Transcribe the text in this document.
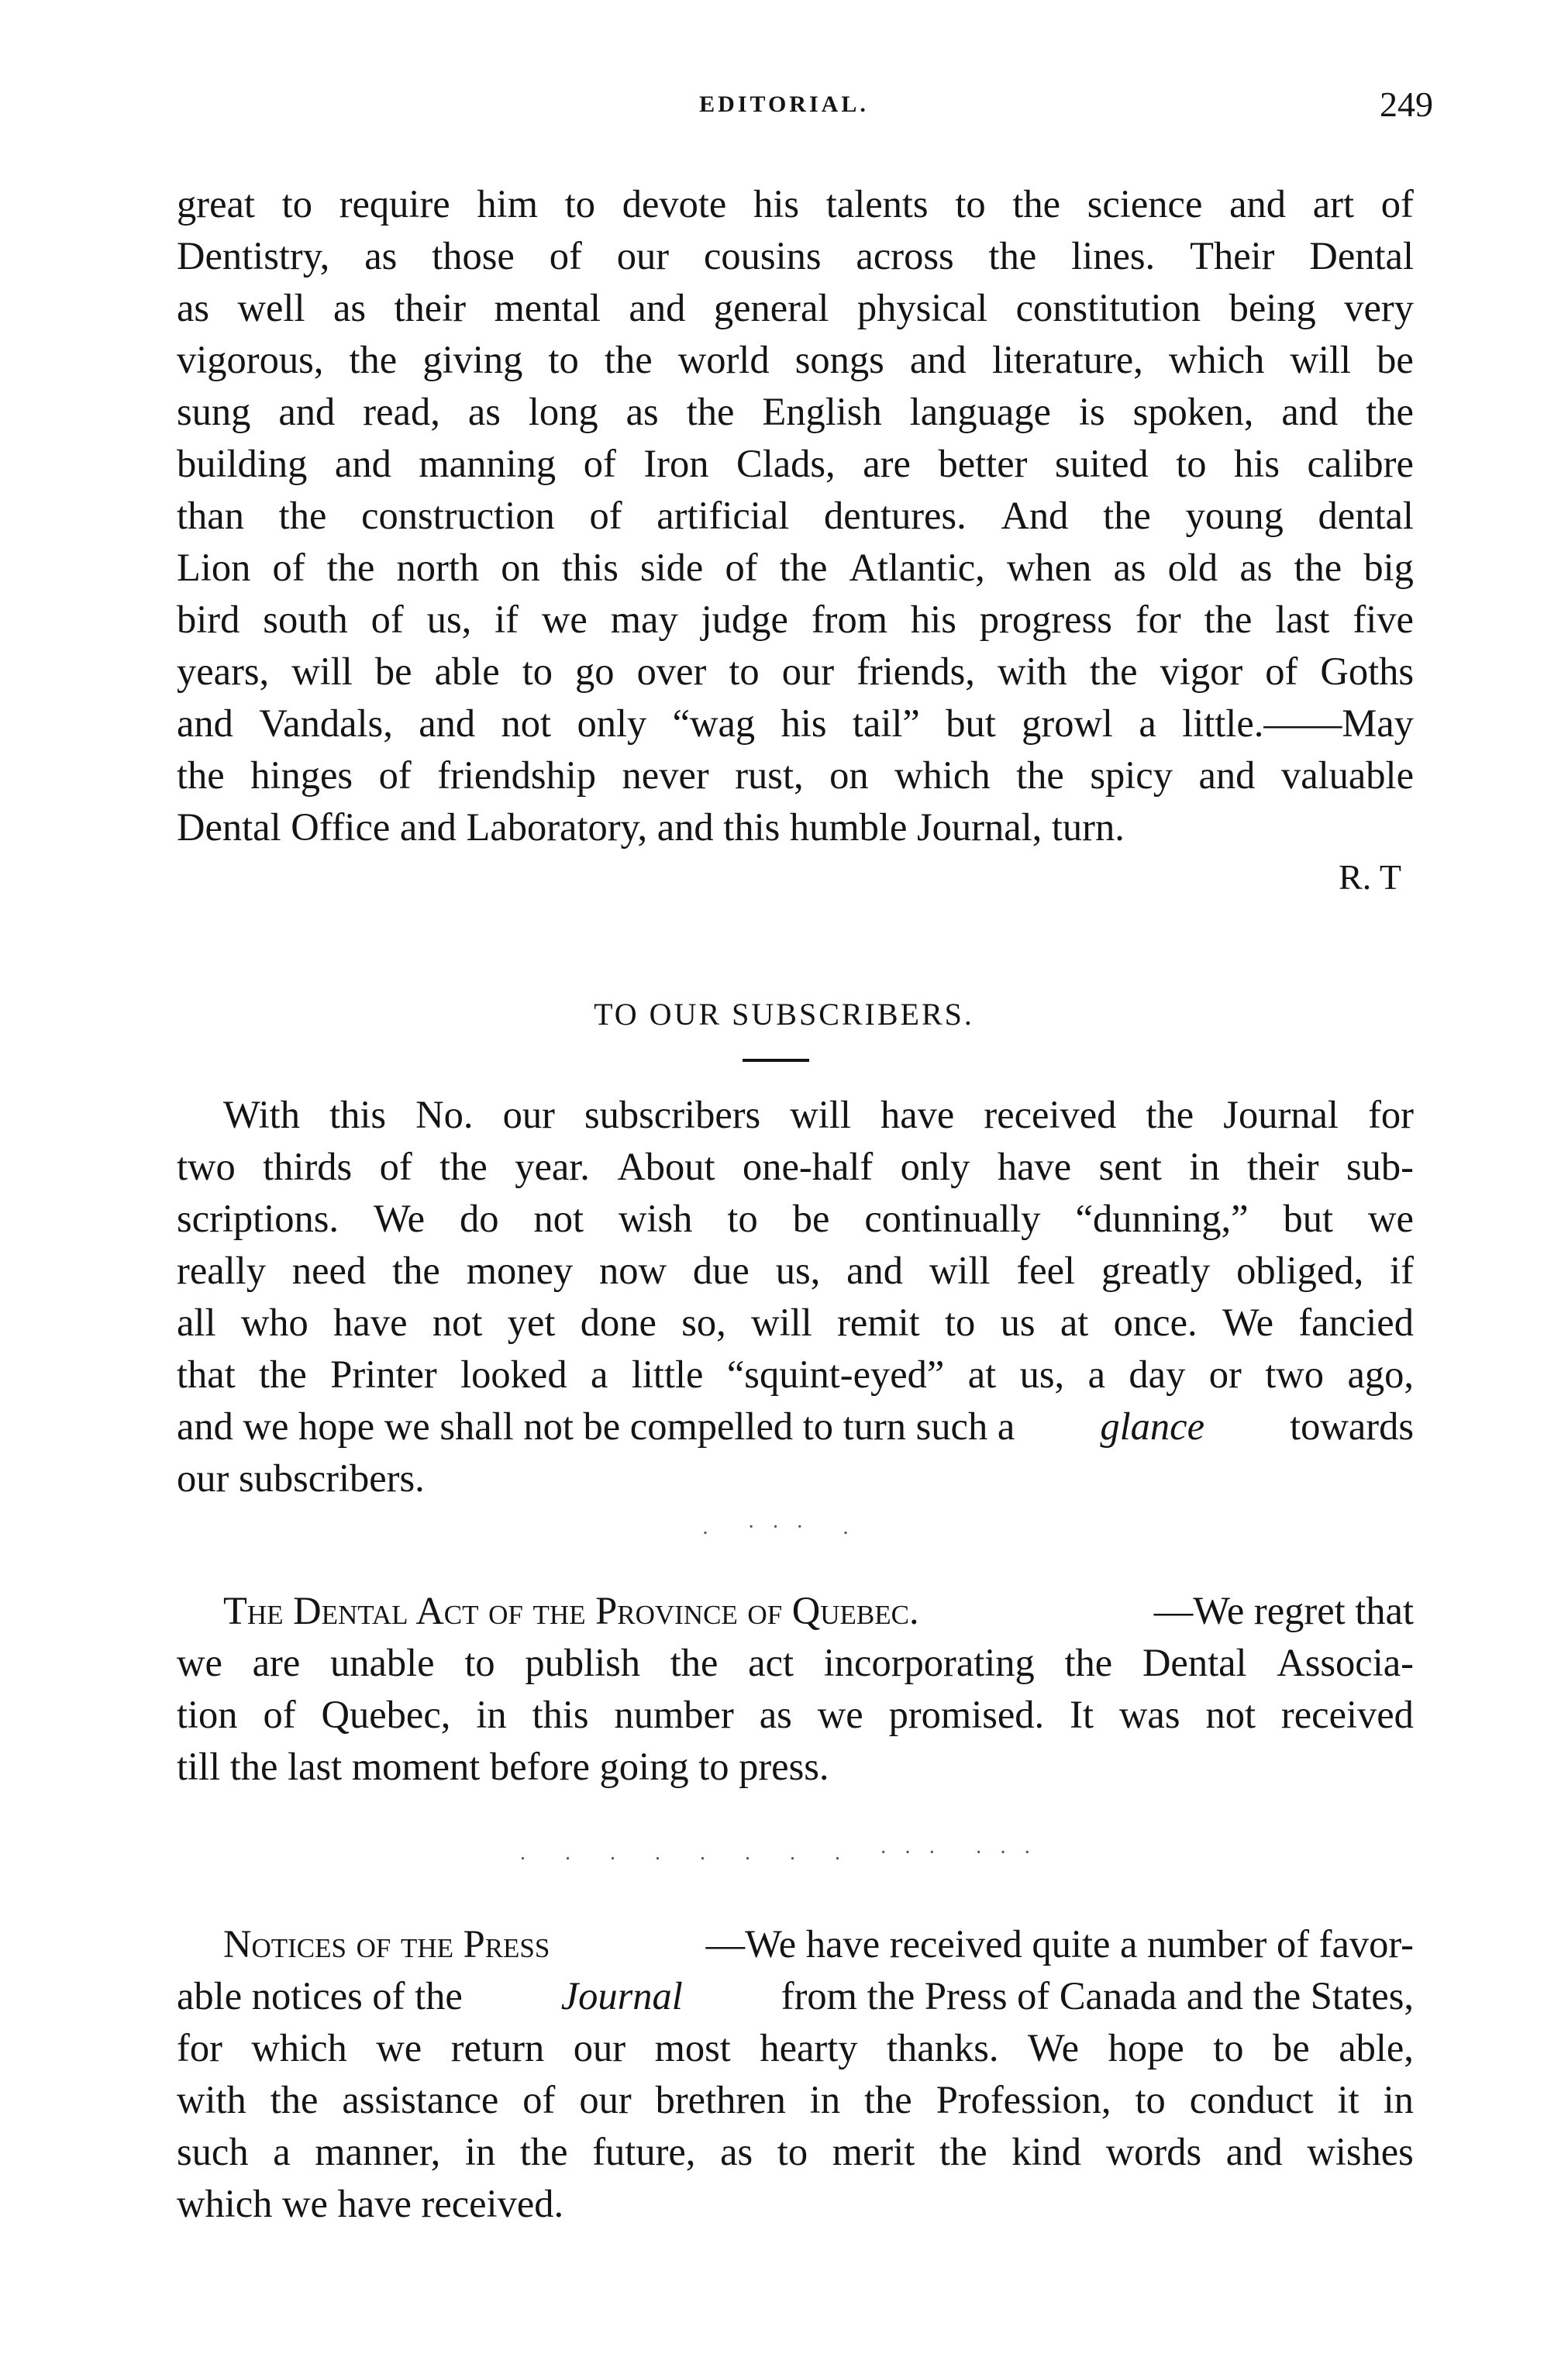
EDITORIAL.	249
great to require him to devote his talents to the science and art of
Dentistry, as those of our cousins across the lines. Their Dental
as well as their mental and general physical constitution being very
vigorous, the giving to the world songs and literature, which will be
sung and read, as long as the English language is spoken, and the
building and manning of Iron Clads, are better suited to his calibre
than the construction of artificial dentures. And the young dental
Lion of the north on this side of the Atlantic, when as old as the big
bird south of us, if we may judge from his progress for the last five
years, will be able to go over to our friends, with the vigor of Goths
and Vandals, and not only “wag his tail” but growl a little.——May
the hinges of friendship never rust, on which the spicy and valuable
Dental Office and Laboratory, and this humble Journal, turn.
R. T
TO OUR SUBSCRIBERS.
With this No. our subscribers will have received the Journal for
two thirds of the year. About one-half only have sent in their sub-
scriptions. We do not wish to be continually “dunning,” but we
really need the money now due us, and will feel greatly obliged, if
all who have not yet done so, will remit to us at once. We fancied
that the Printer looked a little “squint-eyed” at us, a day or two ago,
and we hope we shall not be compelled to turn such a glance towards
our subscribers.
. ··· .
The Dental Act of the Province of Quebec.	—We regret that
we are unable to publish the act incorporating the Dental Associa-
tion of Quebec, in this number as we promised. It was not received
till the last moment before going to press.
. . . . . . . . ··· ···
Notices of the Press	—We have received quite a number of favor-
able notices of the	Journal	from the Press of Canada and the States,
for which we return our most hearty thanks. We hope to be able,
with the assistance of our brethren in the Profession, to conduct it in
such a manner, in the future, as to merit the kind words and wishes
which we have received.
